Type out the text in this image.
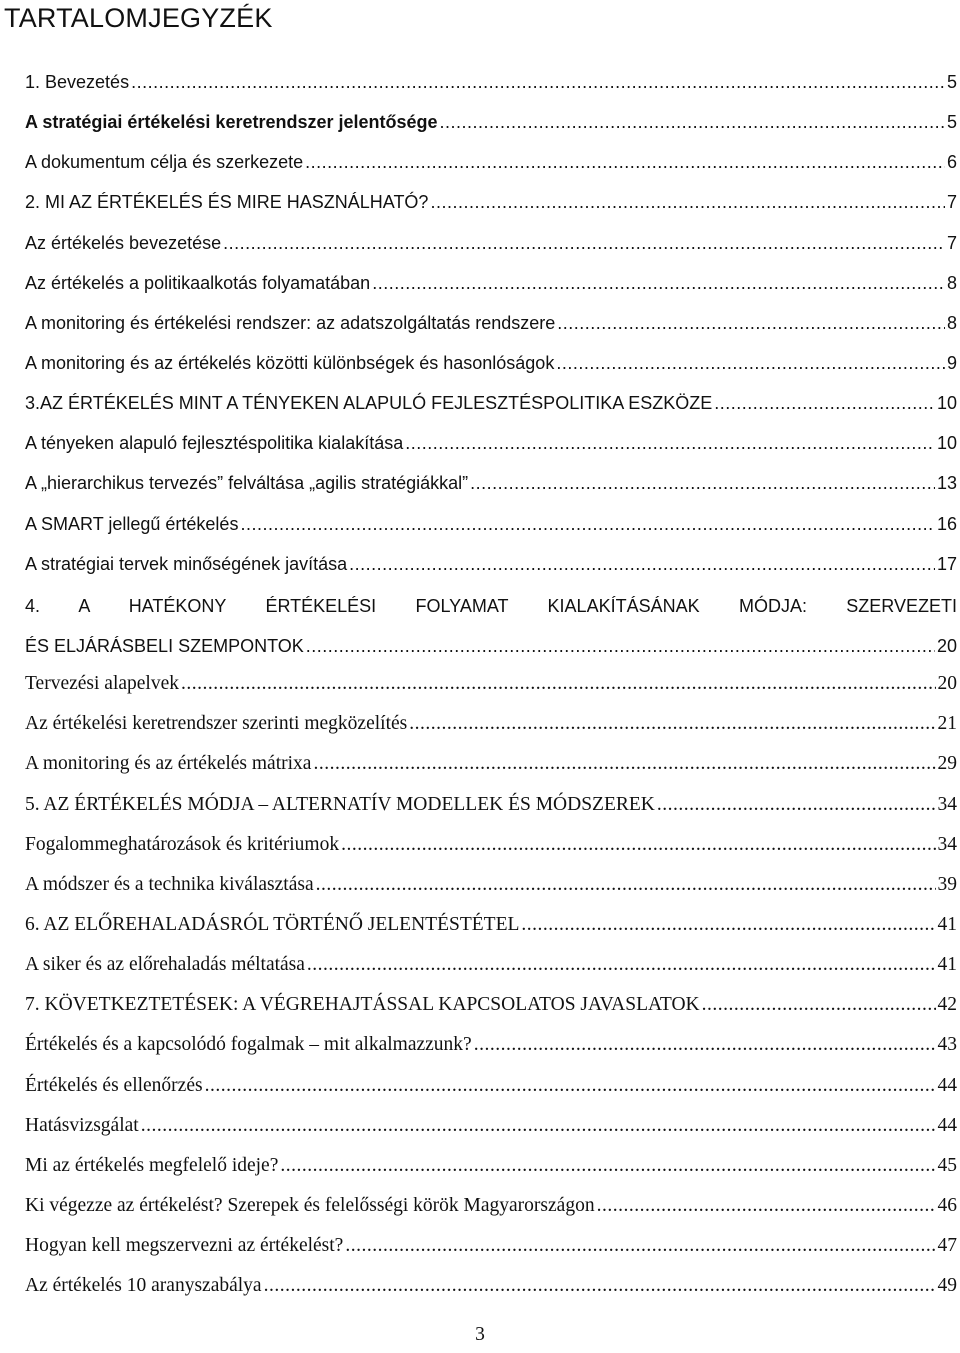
TARTALOMJEGYZÉK
1. Bevezetés .....	5
A stratégiai értékelési keretrendszer jelentősége .....	5
A dokumentum célja és szerkezete .....	6
2. MI AZ ÉRTÉKELÉS ÉS MIRE HASZNÁLHATÓ? .....	7
Az értékelés bevezetése .....	7
Az értékelés a politikaalkotás folyamatában .....	8
A monitoring és értékelési rendszer: az adatszolgáltatás rendszere .....	8
A monitoring és az értékelés közötti különbségek és hasonlóságok .....	9
3.AZ ÉRTÉKELÉS MINT A TÉNYEKEN ALAPULÓ FEJLESZTÉSPOLITIKA ESZKÖZE .....	10
A tényeken alapuló fejlesztéspolitika kialakítása .....	10
A „hierarchikus tervezés” felváltása „agilis stratégiákkal” .....	13
A SMART jellegű értékelés .....	16
A stratégiai tervek minőségének javítása .....	17
4. A HATÉKONY ÉRTÉKELÉSI FOLYAMAT KIALAKÍTÁSÁNAK MÓDJA: SZERVEZETI
ÉS ELJÁRÁSBELI SZEMPONTOK .....	20
Tervezési alapelvek .....	20
Az értékelési keretrendszer szerinti megközelítés .....	21
A monitoring és az értékelés mátrixa .....	29
5. AZ ÉRTÉKELÉS MÓDJA – ALTERNATÍV MODELLEK ÉS MÓDSZEREK .....	34
Fogalommeghatározások és kritériumok .....	34
A módszer és a technika kiválasztása .....	39
6. AZ ELŐREHALADÁSRÓL TÖRTÉNŐ JELENTÉSTÉTEL .....	41
A siker és az előrehaladás méltatása .....	41
7. KÖVETKEZTETÉSEK: A VÉGREHAJTÁSSAL KAPCSOLATOS JAVASLATOK .....	42
Értékelés és a kapcsolódó fogalmak – mit alkalmazzunk? .....	43
Értékelés és ellenőrzés .....	44
Hatásvizsgálat .....	44
Mi az értékelés megfelelő ideje? .....	45
Ki végezze az értékelést? Szerepek és felelősségi körök Magyarországon .....	46
Hogyan kell megszervezni az értékelést? .....	47
Az értékelés 10 aranyszabálya .....	49
3
